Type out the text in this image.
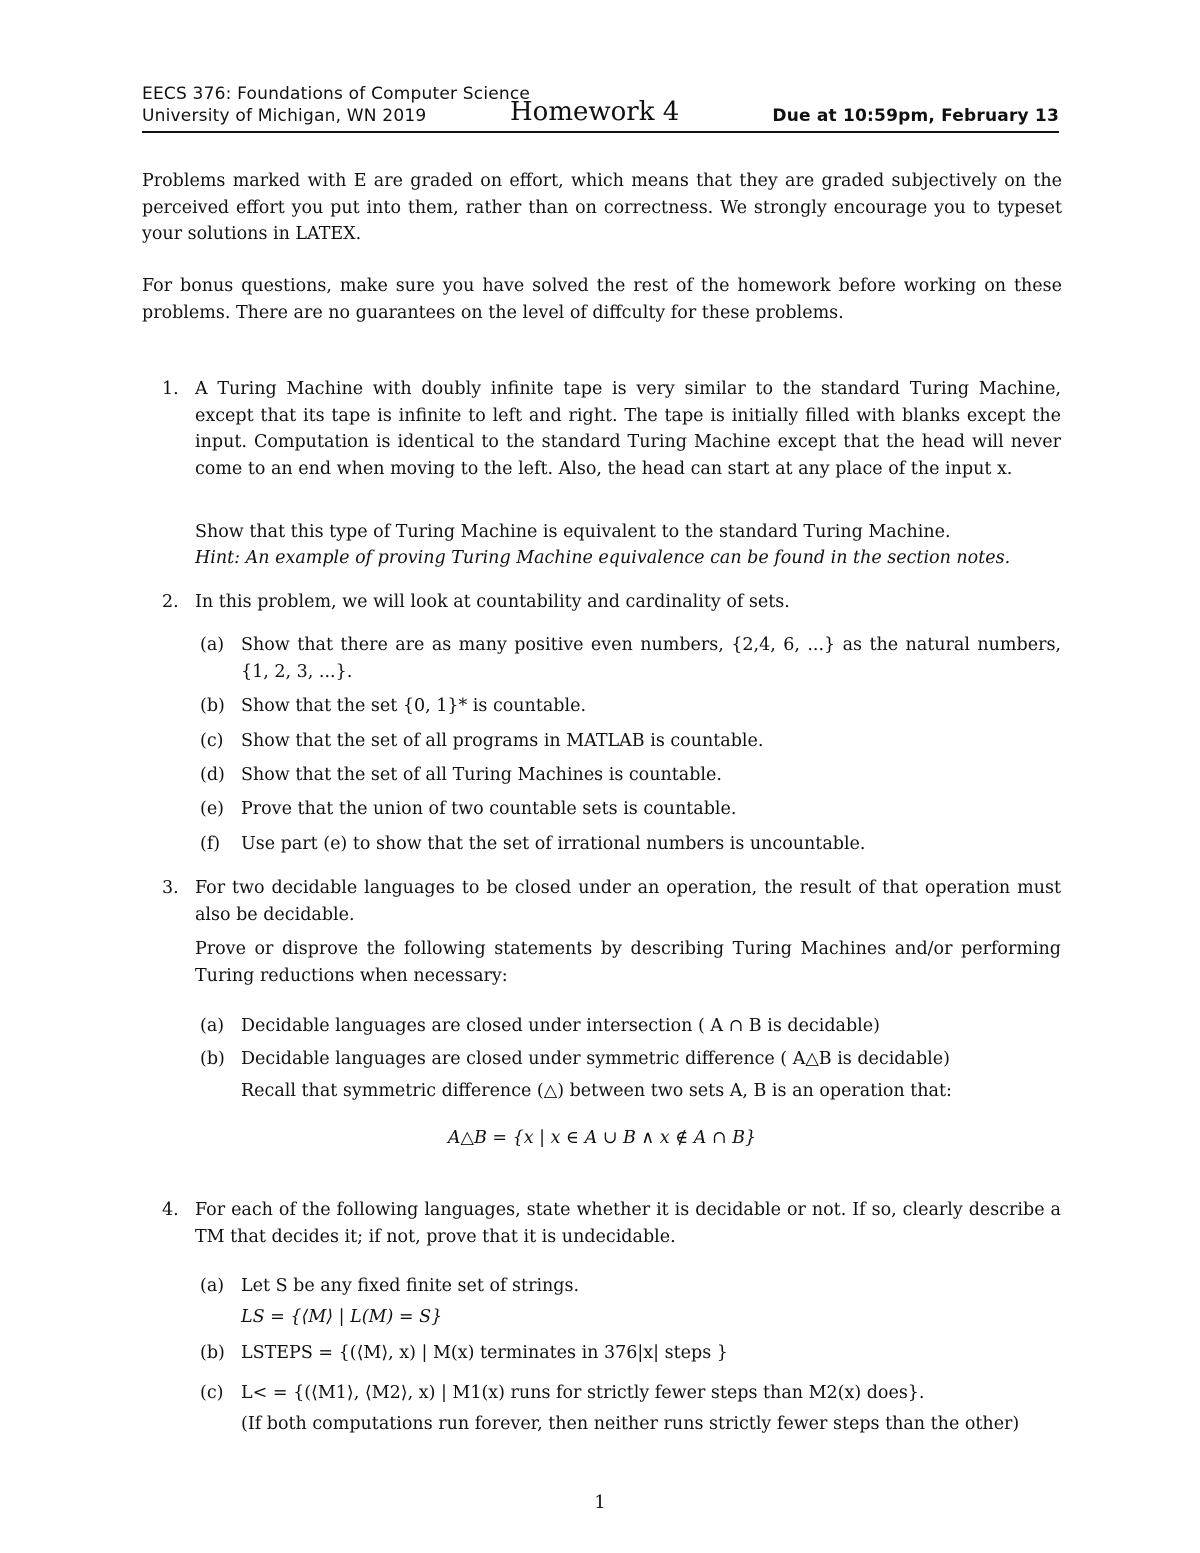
EECS 376: Foundations of Computer Science
University of Michigan, WN 2019	Homework 4	Due at 10:59pm, February 13
Problems marked with E are graded on effort, which means that they are graded subjectively on the perceived effort you put into them, rather than on correctness. We strongly encourage you to typeset your solutions in LATEX.
For bonus questions, make sure you have solved the rest of the homework before working on these problems. There are no guarantees on the level of diffculty for these problems.
1. A Turing Machine with doubly infinite tape is very similar to the standard Turing Machine, except that its tape is infinite to left and right. The tape is initially filled with blanks except the input. Computation is identical to the standard Turing Machine except that the head will never come to an end when moving to the left. Also, the head can start at any place of the input x.
Show that this type of Turing Machine is equivalent to the standard Turing Machine.
Hint: An example of proving Turing Machine equivalence can be found in the section notes.
2. In this problem, we will look at countability and cardinality of sets.
(a) Show that there are as many positive even numbers, {2,4, 6, ...} as the natural numbers, {1, 2, 3, ...}.
(b) Show that the set {0, 1}* is countable.
(c) Show that the set of all programs in MATLAB is countable.
(d) Show that the set of all Turing Machines is countable.
(e) Prove that the union of two countable sets is countable.
(f) Use part (e) to show that the set of irrational numbers is uncountable.
3. For two decidable languages to be closed under an operation, the result of that operation must also be decidable.
Prove or disprove the following statements by describing Turing Machines and/or performing Turing reductions when necessary:
(a) Decidable languages are closed under intersection ( A ∩ B is decidable)
(b) Decidable languages are closed under symmetric difference ( A△B is decidable)
Recall that symmetric difference (△) between two sets A, B is an operation that:
A△B = {x | x ∈ A ∪ B ∧ x ∉ A ∩ B}
4. For each of the following languages, state whether it is decidable or not. If so, clearly describe a TM that decides it; if not, prove that it is undecidable.
(a) Let S be any fixed finite set of strings.
LS = {⟨M⟩ | L(M) = S}
(b) LSTEPS = {(⟨M⟩, x) | M(x) terminates in 376|x| steps }
(c) L< = {(⟨M1⟩, ⟨M2⟩, x) | M1(x) runs for strictly fewer steps than M2(x) does}.
(If both computations run forever, then neither runs strictly fewer steps than the other)
1
